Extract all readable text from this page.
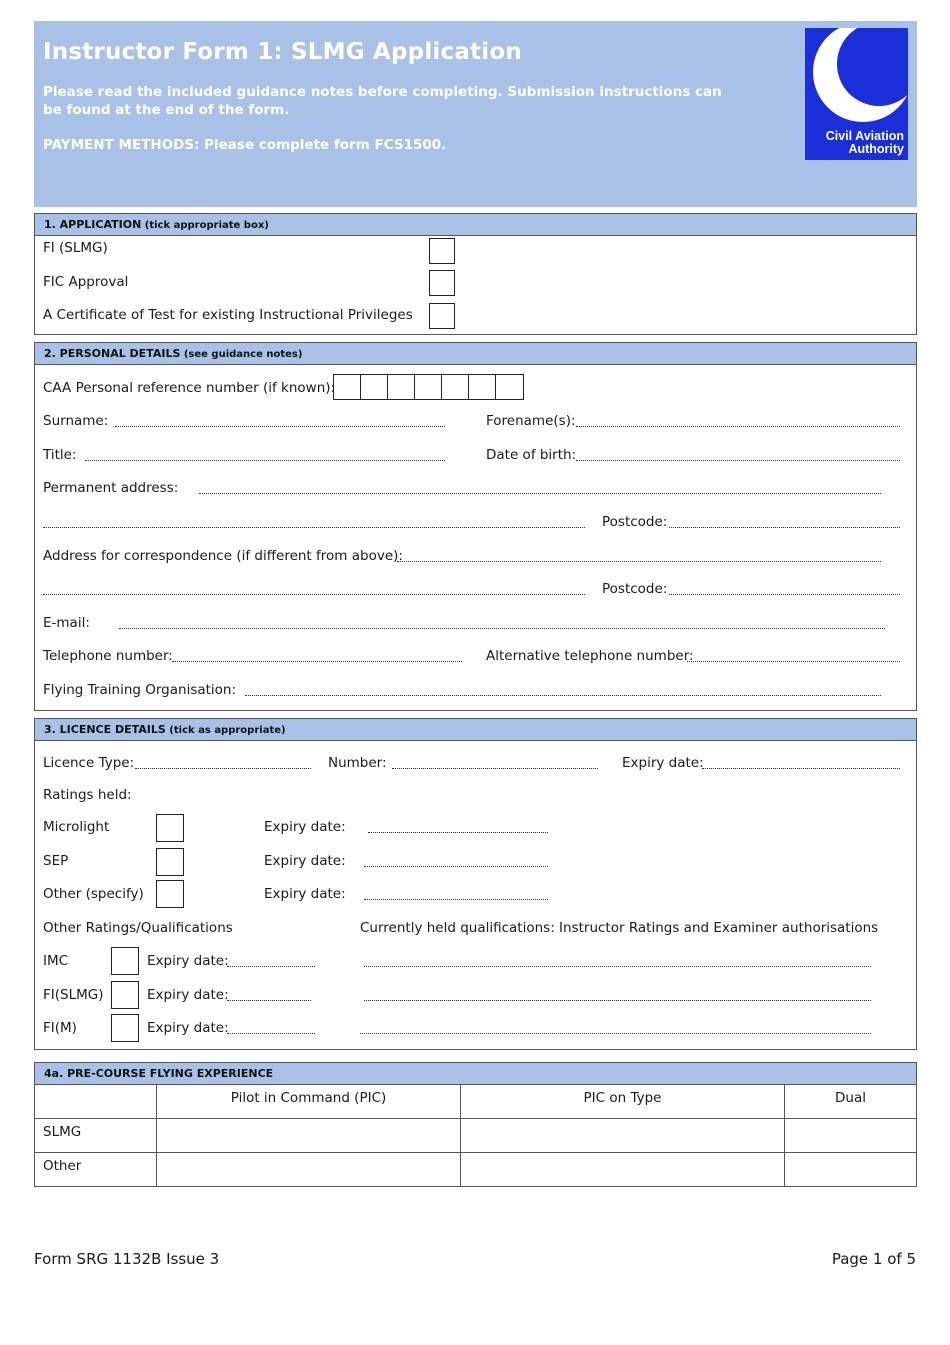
Instructor Form 1: SLMG Application
Please read the included guidance notes before completing. Submission instructions can be found at the end of the form.
PAYMENT METHODS: Please complete form FCS1500.
Civil Aviation
Authority
1. APPLICATION (tick appropriate box)
FI (SLMG)
FIC Approval
A Certificate of Test for existing Instructional Privileges
2. PERSONAL DETAILS (see guidance notes)
CAA Personal reference number (if known):
Surname:	Forename(s):
Title:	Date of birth:
Permanent address:
Postcode:
Address for correspondence (if different from above):
Postcode:
E-mail:
Telephone number:	Alternative telephone number:
Flying Training Organisation:
3. LICENCE DETAILS (tick as appropriate)
Licence Type:	Number:	Expiry date:
Ratings held:
Microlight	Expiry date:
SEP	Expiry date:
Other (specify)	Expiry date:
Other Ratings/Qualifications	Currently held qualifications: Instructor Ratings and Examiner authorisations
IMC	Expiry date:
FI(SLMG)	Expiry date:
FI(M)	Expiry date:
4a. PRE-COURSE FLYING EXPERIENCE
	Pilot in Command (PIC)	PIC on Type	Dual
SLMG			
Other			
Form SRG 1132B Issue 3	Page 1 of 5
